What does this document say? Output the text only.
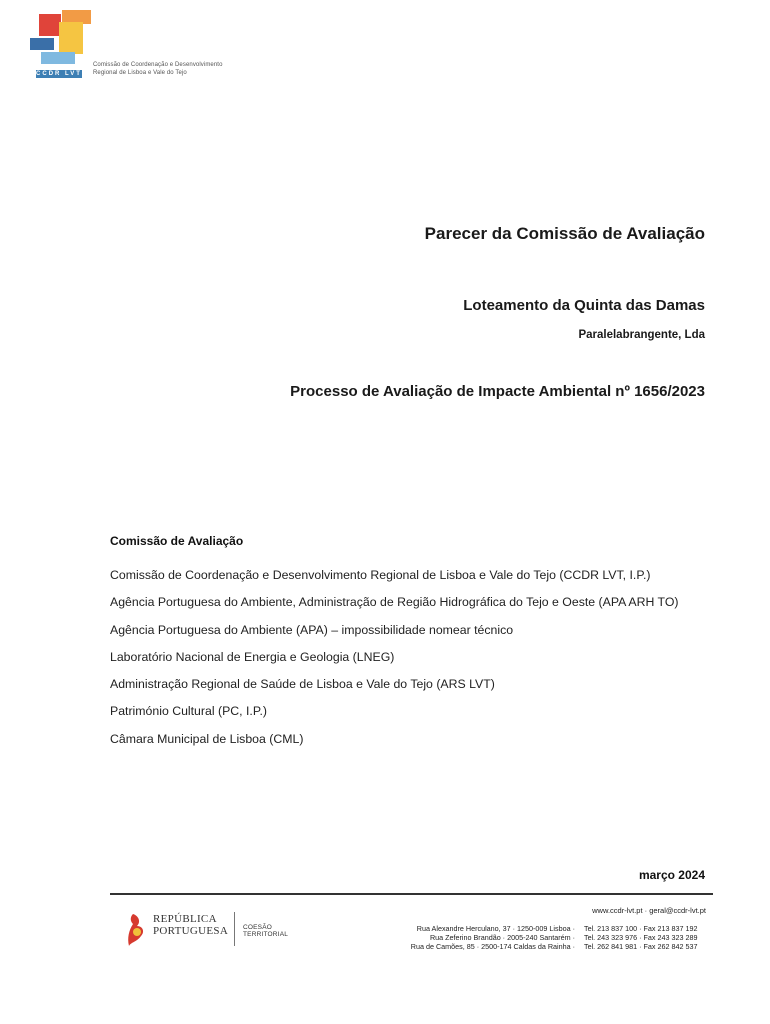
Comissão de Coordenação e Desenvolvimento
Regional de Lisboa e Vale do Tejo
CCDR LVT
Parecer da Comissão de Avaliação
Loteamento da Quinta das Damas
Paralelabrangente, Lda
Processo de Avaliação de Impacte Ambiental nº 1656/2023
Comissão de Avaliação
Comissão de Coordenação e Desenvolvimento Regional de Lisboa e Vale do Tejo (CCDR LVT, I.P.)
Agência Portuguesa do Ambiente, Administração de Região Hidrográfica do Tejo e Oeste (APA ARH TO)
Agência Portuguesa do Ambiente (APA) – impossibilidade nomear técnico
Laboratório Nacional de Energia e Geologia (LNEG)
Administração Regional de Saúde de Lisboa e Vale do Tejo (ARS LVT)
Património Cultural (PC, I.P.)
Câmara Municipal de Lisboa (CML)
março 2024
REPÚBLICA
PORTUGUESA COESÃO TERRITORIAL
www.ccdr-lvt.pt · geral@ccdr-lvt.pt
Rua Alexandre Herculano, 37 · 1250-009 Lisboa ·
Rua Zeferino Brandão · 2005-240 Santarém ·
Rua de Camões, 85 · 2500-174 Caldas da Rainha ·
Tel. 213 837 100 · Fax 213 837 192
Tel. 243 323 976 · Fax 243 323 289
Tel. 262 841 981 · Fax 262 842 537
